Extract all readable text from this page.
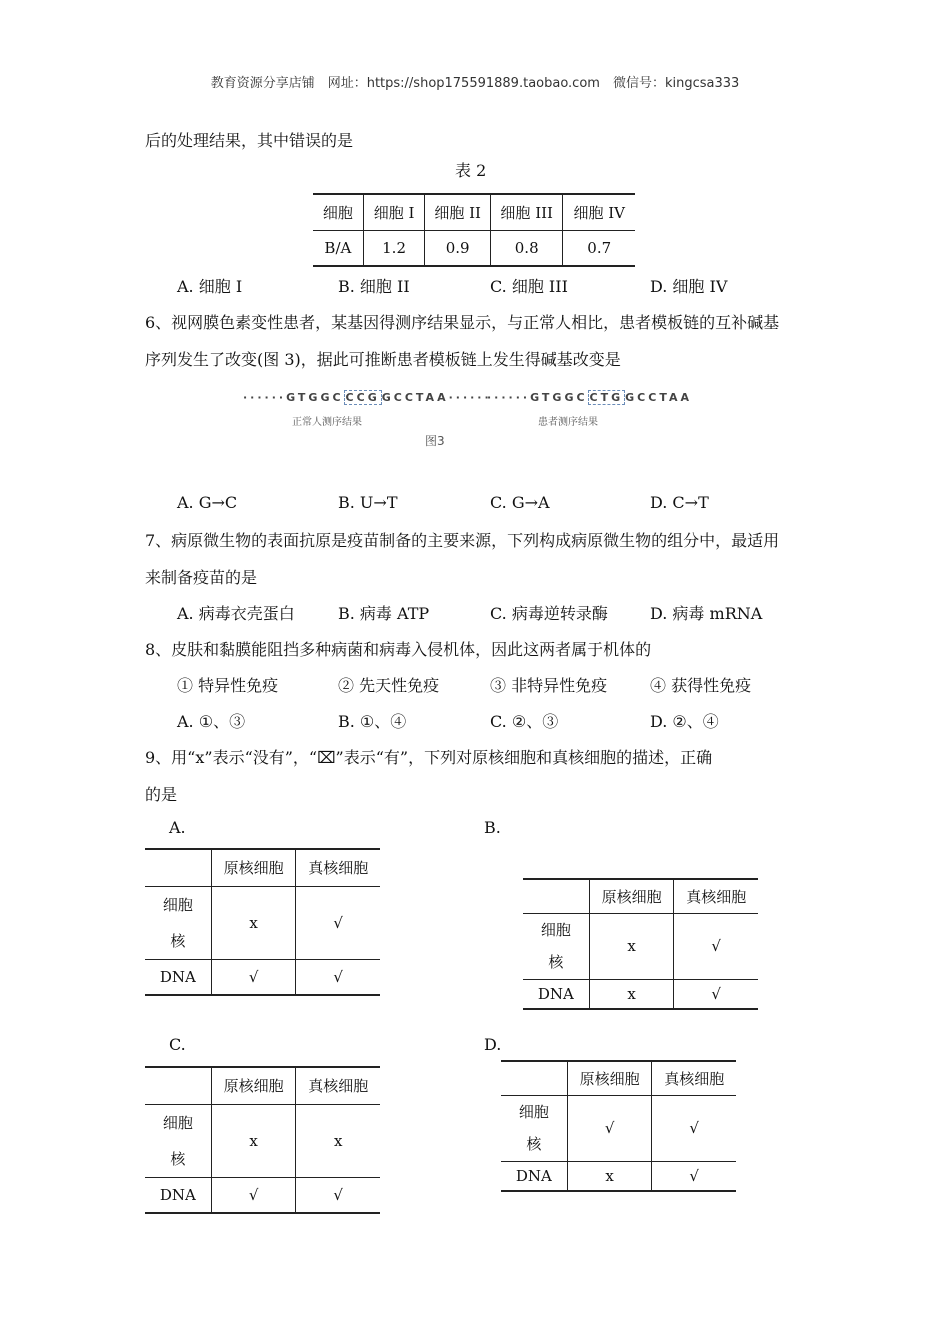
教育资源分享店铺　网址：https://shop175591889.taobao.com　微信号：kingcsa333
后的处理结果，其中错误的是
表 2
细胞	细胞 I	细胞 II	细胞 III	细胞 IV
B/A	1.2	0.9	0.8	0.7
A. 细胞 I	B. 细胞 II	C. 细胞 III	D. 细胞 IV
6、视网膜色素变性患者，某基因得测序结果显示，与正常人相比，患者模板链的互补碱基
序列发生了改变(图 3)，据此可推断患者模板链上发生得碱基改变是
······GTGGC CCG GCCTAA······
正常人测序结果
······GTGGC CTG GCCTAA
患者测序结果
图3
A. G→C	B. U→T	C. G→A	D. C→T
7、病原微生物的表面抗原是疫苗制备的主要来源，下列构成病原微生物的组分中，最适用
来制备疫苗的是
A. 病毒衣壳蛋白	B. 病毒 ATP	C. 病毒逆转录酶	D. 病毒 mRNA
8、皮肤和黏膜能阻挡多种病菌和病毒入侵机体，因此这两者属于机体的
① 特异性免疫	② 先天性免疫	③ 非特异性免疫	④ 获得性免疫
A. ①、③	B. ①、④	C. ②、③	D. ②、④
9、用“x”表示“没有”，“⌧”表示“有”，下列对原核细胞和真核细胞的描述，正确
的是
A.
	原核细胞	真核细胞
细胞
核	x	√
DNA	√	√
B.
	原核细胞	真核细胞
细胞
核	x	√
DNA	x	√
C.
	原核细胞	真核细胞
细胞
核	x	x
DNA	√	√
D.
	原核细胞	真核细胞
细胞
核	√	√
DNA	x	√
